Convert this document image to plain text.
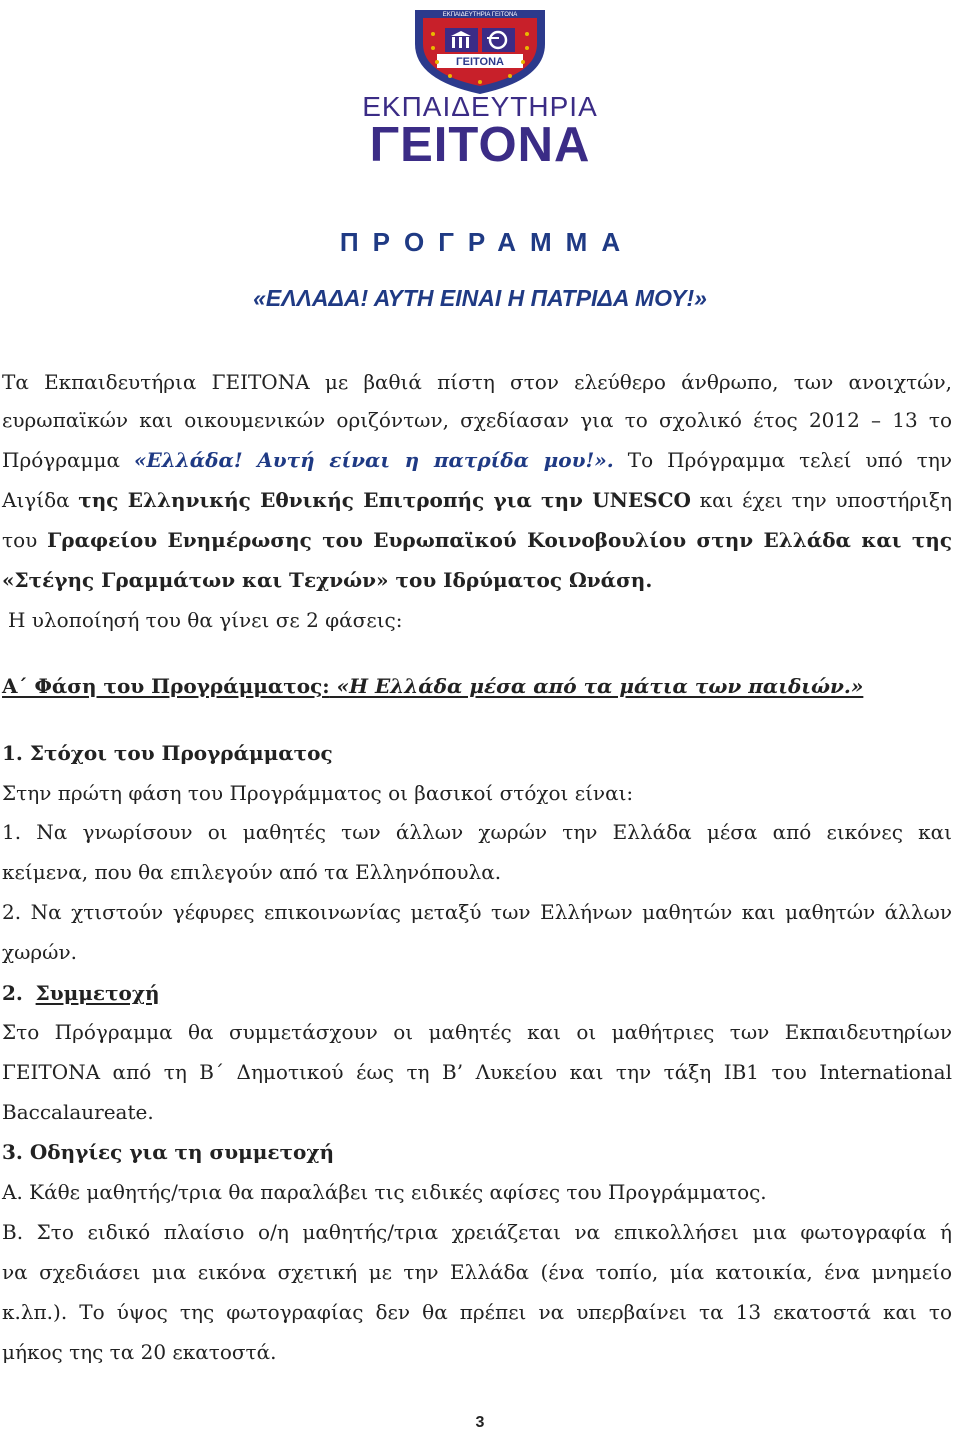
ΓΕΙΤΟΝΑ
ΕΚΠΑΙΔΕΥΤΗΡΙΑ ΓΕΙΤΟΝΑ
ΕΚΠΑΙΔΕΥΤΗΡΙΑ
ΓΕΙΤΟΝΑ
ΠΡΟΓΡΑΜΜΑ
«ΕΛΛΑΔΑ! ΑΥΤΗ ΕΙΝΑΙ Η ΠΑΤΡΙΔΑ ΜΟΥ!»
Τα Εκπαιδευτήρια ΓΕΙΤΟΝΑ με βαθιά πίστη στον ελεύθερο άνθρωπο, των ανοιχτών,
ευρωπαϊκών και οικουμενικών οριζόντων, σχεδίασαν για το σχολικό έτος 2012 – 13 το
Πρόγραμμα «Ελλάδα! Αυτή είναι η πατρίδα μου!». Το Πρόγραμμα τελεί υπό την
Αιγίδα της Ελληνικής Εθνικής Επιτροπής για την UNESCO και έχει την υποστήριξη
του Γραφείου Ενημέρωσης του Ευρωπαϊκού Κοινοβουλίου στην Ελλάδα και της
«Στέγης Γραμμάτων και Τεχνών» του Ιδρύματος Ωνάση.
Η υλοποίησή του θα γίνει σε 2 φάσεις:
Α΄ Φάση του Προγράμματος: «Η Ελλάδα μέσα από τα μάτια των παιδιών.»
1. Στόχοι του Προγράμματος
Στην πρώτη φάση του Προγράμματος οι βασικοί στόχοι είναι:
1. Να γνωρίσουν οι μαθητές των άλλων χωρών την Ελλάδα μέσα από εικόνες και
κείμενα, που θα επιλεγούν από τα Ελληνόπουλα.
2. Να χτιστούν γέφυρες επικοινωνίας μεταξύ των Ελλήνων μαθητών και μαθητών άλλων
χωρών.
2. Συμμετοχή
Στο Πρόγραμμα θα συμμετάσχουν οι μαθητές και οι μαθήτριες των Εκπαιδευτηρίων
ΓΕΙΤΟΝΑ από τη Β΄ Δημοτικού έως τη Β’ Λυκείου και την τάξη ΙΒ1 του International
Baccalaureate.
3. Οδηγίες για τη συμμετοχή
Α. Κάθε μαθητής/τρια θα παραλάβει τις ειδικές αφίσες του Προγράμματος.
Β. Στο ειδικό πλαίσιο ο/η μαθητής/τρια χρειάζεται να επικολλήσει μια φωτογραφία ή
να σχεδιάσει μια εικόνα σχετική με την Ελλάδα (ένα τοπίο, μία κατοικία, ένα μνημείο
κ.λπ.). Το ύψος της φωτογραφίας δεν θα πρέπει να υπερβαίνει τα 13 εκατοστά και το
μήκος της τα 20 εκατοστά.
3
